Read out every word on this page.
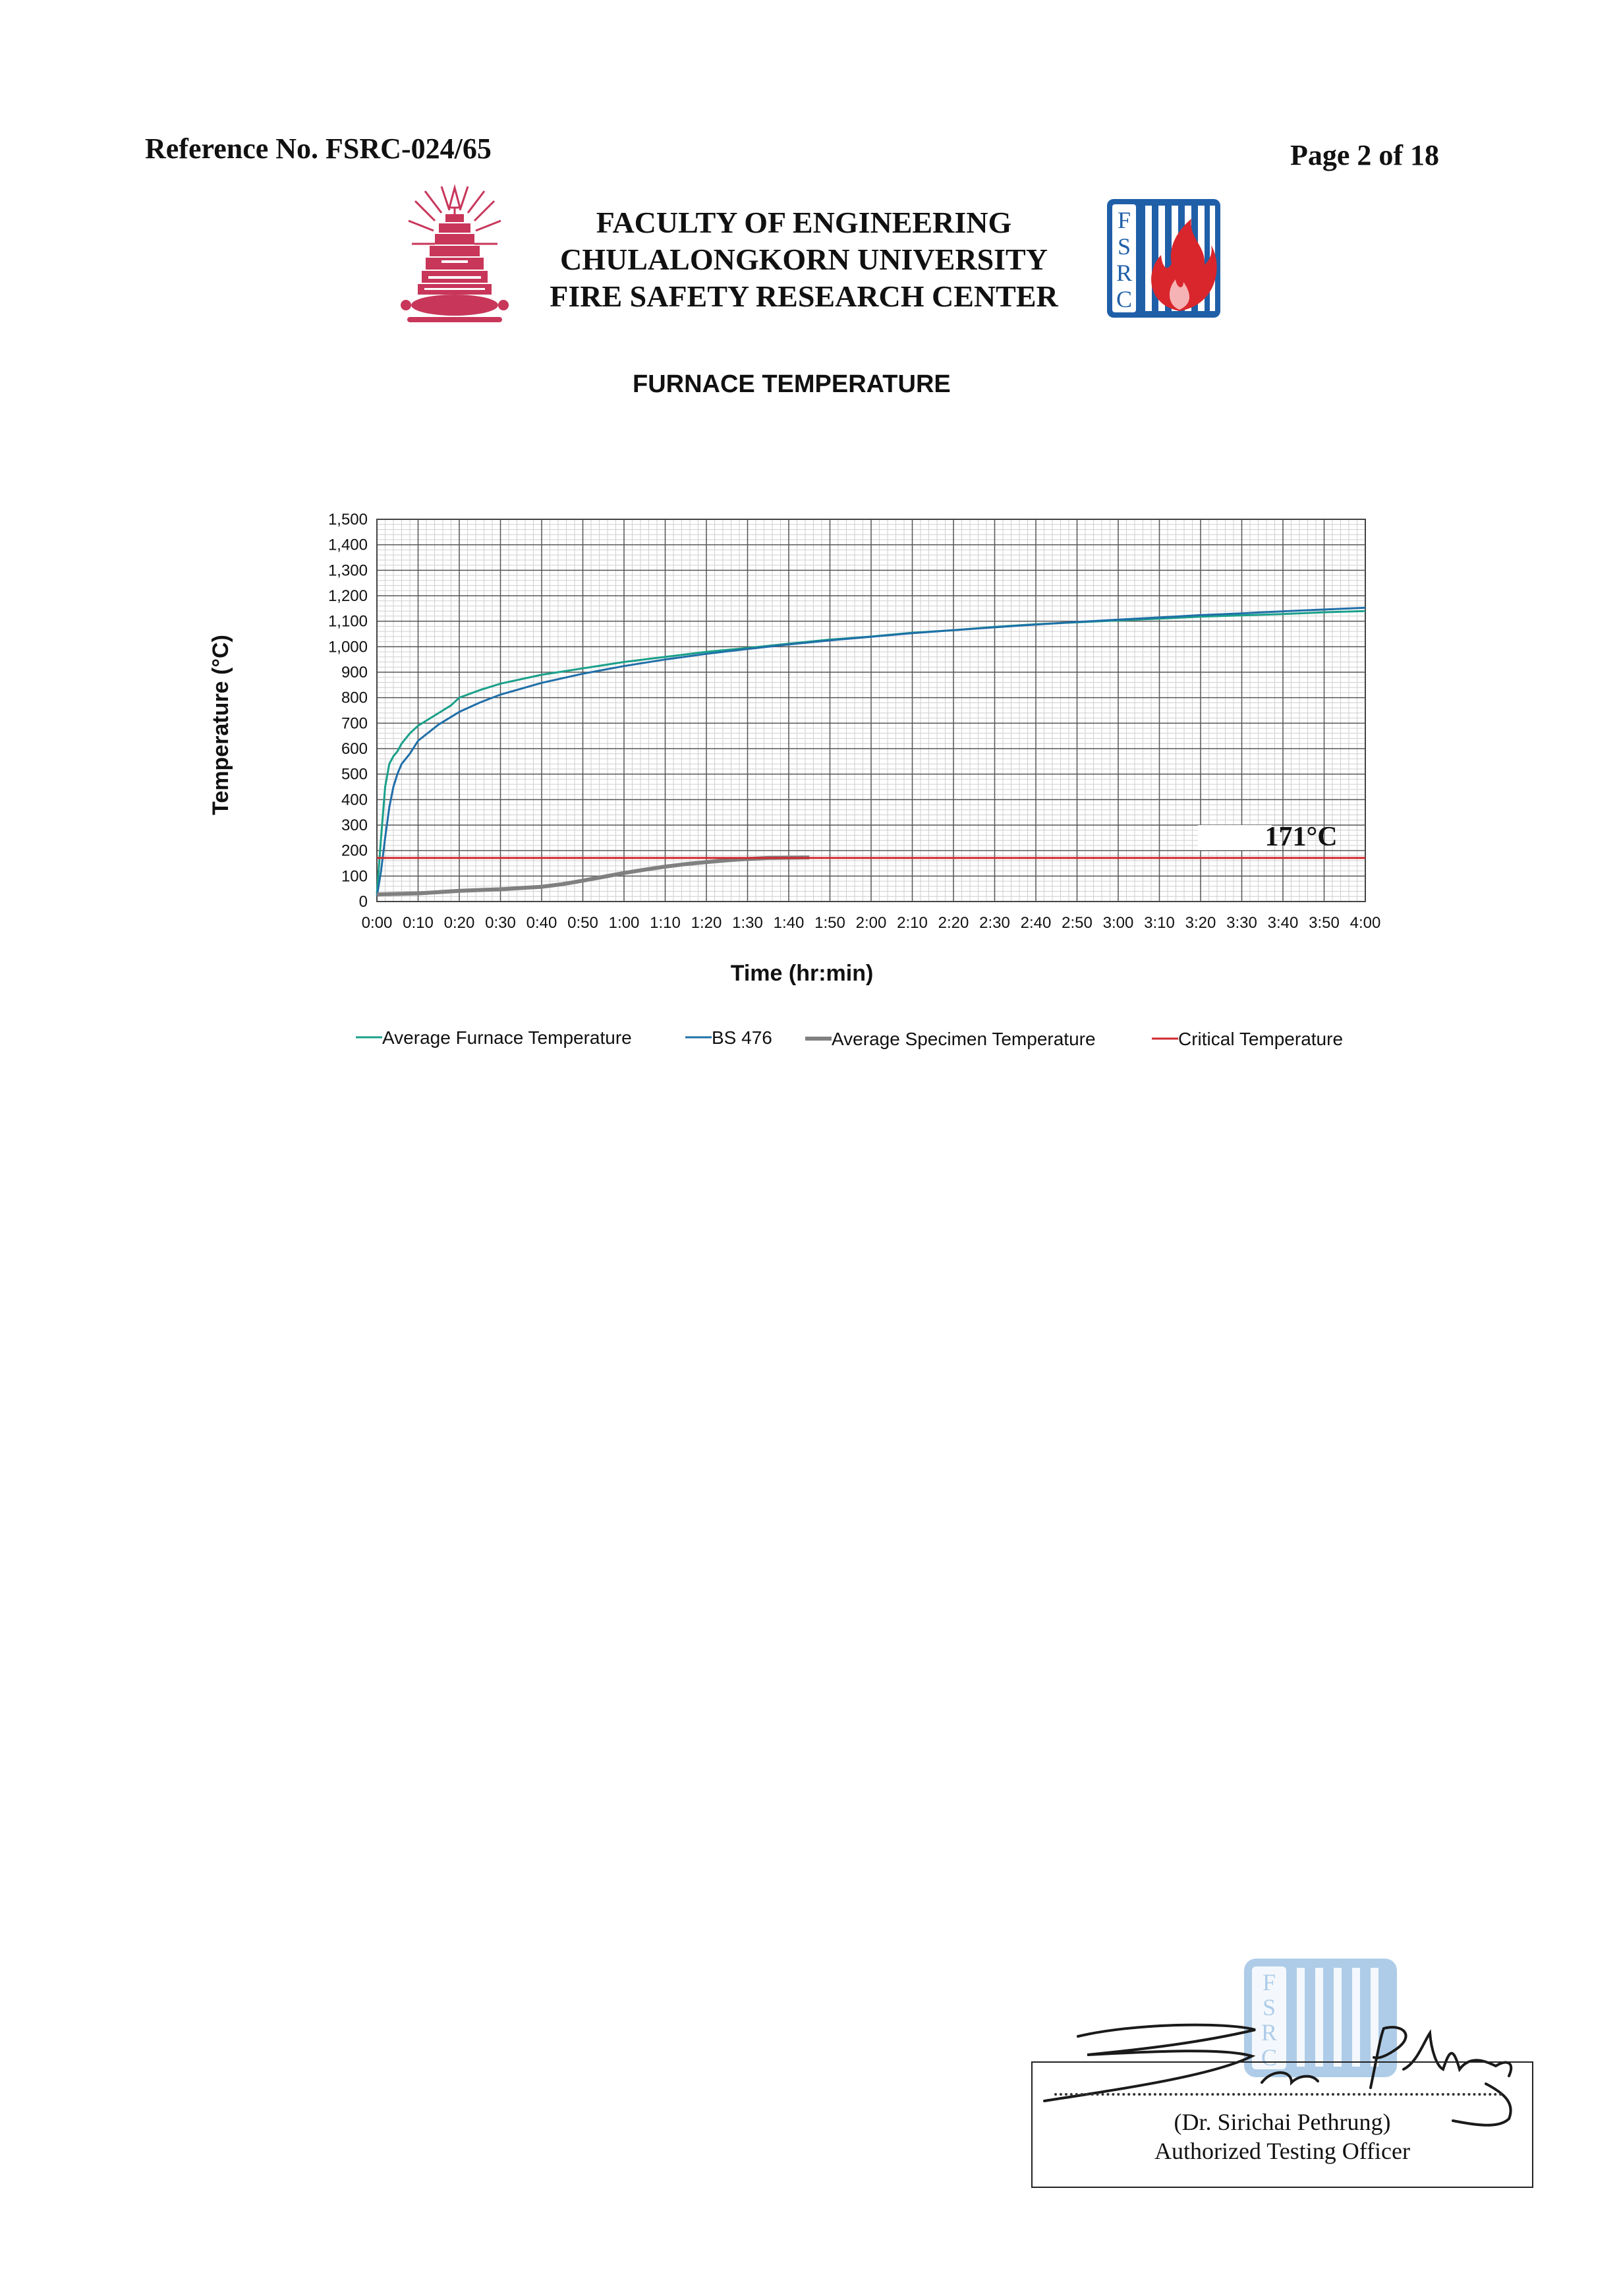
Reference No. FSRC-024/65	Page 2 of 18
FACULTY OF ENGINEERING
CHULALONGKORN UNIVERSITY
FIRE SAFETY RESEARCH CENTER
FURNACE TEMPERATURE
F
S
R
C
0
100
200
300
400
500
600
700
800
900
1,000
1,100
1,200
1,300
1,400
1,500
0:00 0:10 0:20 0:30 0:40 0:50 1:00 1:10 1:20 1:30 1:40 1:50 2:00 2:10 2:20 2:30 2:40 2:50 3:00 3:10 3:20 3:30 3:40 3:50 4:00
171°C
Temperature (°C)
Time (hr:min)
Average Furnace Temperature	BS 476	Average Specimen Temperature	Critical Temperature
F
S
R
C
(Dr. Sirichai Pethrung)
Authorized Testing Officer
